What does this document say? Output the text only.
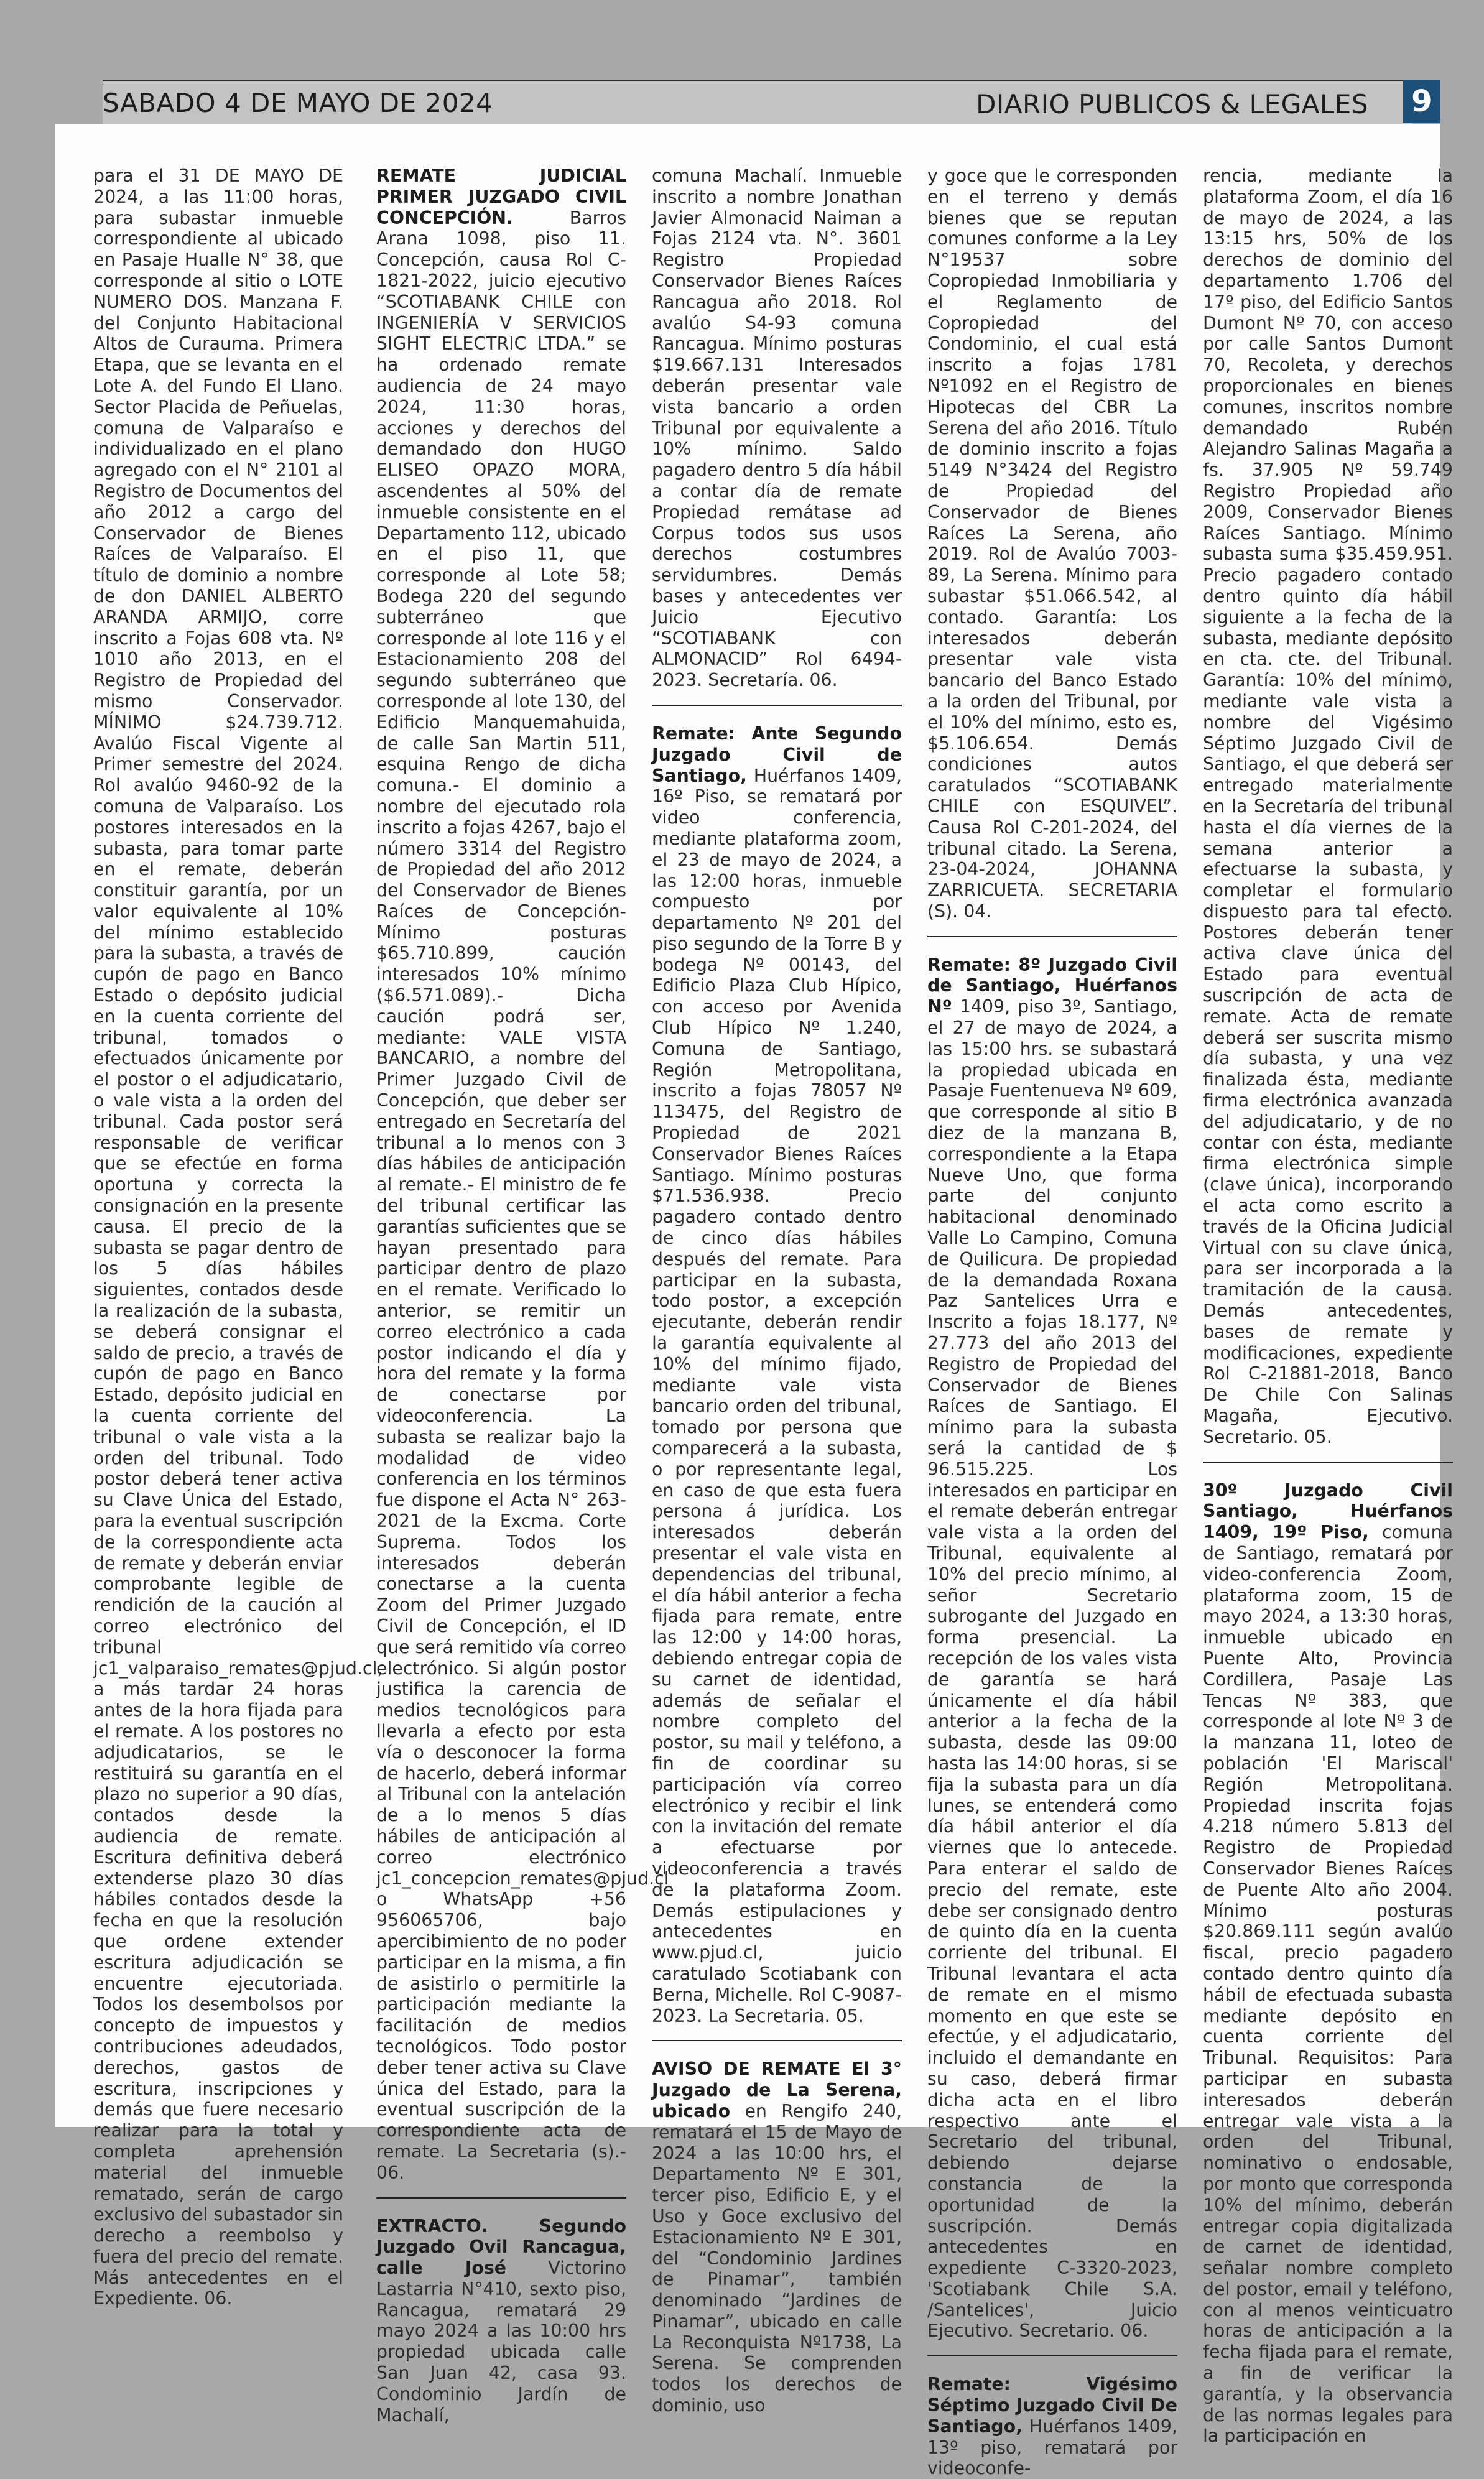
SABADO 4 DE MAYO DE 2024	DIARIO PUBLICOS & LEGALES 9

para el 31 DE MAYO DE 2024, a las 11:00 horas, para subastar inmueble correspondiente al ubicado en Pasaje Hualle N° 38, que corresponde al sitio o LOTE NUMERO DOS. Manzana F. del Conjunto Habitacional Altos de Curauma. Primera Etapa, que se levanta en el Lote A. del Fundo El Llano. Sector Placida de Peñuelas, comuna de Valparaíso e individualizado en el plano agregado con el N° 2101 al Registro de Documentos del año 2012 a cargo del Conservador de Bienes Raíces de Valparaíso. El título de dominio a nombre de don DANIEL ALBERTO ARANDA ARMIJO, corre inscrito a Fojas 608 vta. Nº 1010 año 2013, en el Registro de Propiedad del mismo Conservador. MÍNIMO $24.739.712. Avalúo Fiscal Vigente al Primer semestre del 2024. Rol avalúo 9460-92 de la comuna de Valparaíso. Los postores interesados en la subasta, para tomar parte en el remate, deberán constituir garantía, por un valor equivalente al 10% del mínimo establecido para la subasta, a través de cupón de pago en Banco Estado o depósito judicial en la cuenta corriente del tribunal, tomados o efectuados únicamente por el postor o el adjudicatario, o vale vista a la orden del tribunal. Cada postor será responsable de verificar que se efectúe en forma oportuna y correcta la consignación en la presente causa. El precio de la subasta se pagar dentro de los 5 días hábiles siguientes, contados desde la realización de la subasta, se deberá consignar el saldo de precio, a través de cupón de pago en Banco Estado, depósito judicial en la cuenta corriente del tribunal o vale vista a la orden del tribunal. Todo postor deberá tener activa su Clave Única del Estado, para la eventual suscripción de la correspondiente acta de remate y deberán enviar comprobante legible de rendición de la caución al correo electrónico del tribunal jc1_valparaiso_remates@pjud.cl, a más tardar 24 horas antes de la hora fijada para el remate. A los postores no adjudicatarios, se le restituirá su garantía en el plazo no superior a 90 días, contados desde la audiencia de remate. Escritura definitiva deberá extenderse plazo 30 días hábiles contados desde la fecha en que la resolución que ordene extender escritura adjudicación se encuentre ejecutoriada. Todos los desembolsos por concepto de impuestos y contribuciones adeudados, derechos, gastos de escritura, inscripciones y demás que fuere necesario realizar para la total y completa aprehensión material del inmueble rematado, serán de cargo exclusivo del subastador sin derecho a reembolso y fuera del precio del remate. Más antecedentes en el Expediente. 06.

REMATE JUDICIAL PRIMER JUZGADO CIVIL CONCEPCIÓN. Barros Arana 1098, piso 11. Concepción, causa Rol C-1821-2022, juicio ejecutivo “SCOTIABANK CHILE con INGENIERÍA V SERVICIOS SIGHT ELECTRIC LTDA.” se ha ordenado remate audiencia de 24 mayo 2024, 11:30 horas, acciones y derechos del demandado don HUGO ELISEO OPAZO MORA, ascendentes al 50% del inmueble consistente en el Departamento 112, ubicado en el piso 11, que corresponde al Lote 58; Bodega 220 del segundo subterráneo que corresponde al lote 116 y el Estacionamiento 208 del segundo subterráneo que corresponde al lote 130, del Edificio Manquemahuida, de calle San Martin 511, esquina Rengo de dicha comuna.- El dominio a nombre del ejecutado rola inscrito a fojas 4267, bajo el número 3314 del Registro de Propiedad del año 2012 del Conservador de Bienes Raíces de Concepción- Mínimo posturas $65.710.899, caución interesados 10% mínimo ($6.571.089).- Dicha caución podrá ser, mediante: VALE VISTA BANCARIO, a nombre del Primer Juzgado Civil de Concepción, que deber ser entregado en Secretaría del tribunal a lo menos con 3 días hábiles de anticipación al remate.- El ministro de fe del tribunal certificar las garantías suficientes que se hayan presentado para participar dentro de plazo en el remate. Verificado lo anterior, se remitir un correo electrónico a cada postor indicando el día y hora del remate y la forma de conectarse por videoconferencia. La subasta se realizar bajo la modalidad de video conferencia en los términos fue dispone el Acta N° 263-2021 de la Excma. Corte Suprema. Todos los interesados deberán conectarse a la cuenta Zoom del Primer Juzgado Civil de Concepción, el ID que será remitido vía correo electrónico. Si algún postor justifica la carencia de medios tecnológicos para llevarla a efecto por esta vía o desconocer la forma de hacerlo, deberá informar al Tribunal con la antelación de a lo menos 5 días hábiles de anticipación al correo electrónico jc1_concepcion_remates@pjud.cl o WhatsApp +56 956065706, bajo apercibimiento de no poder participar en la misma, a fin de asistirlo o permitirle la participación mediante la facilitación de medios tecnológicos. Todo postor deber tener activa su Clave única del Estado, para la eventual suscripción de la correspondiente acta de remate. La Secretaria (s).- 06.

EXTRACTO. Segundo Juzgado Ovil Rancagua, calle José Victorino Lastarria N°410, sexto piso, Rancagua, rematará 29 mayo 2024 a las 10:00 hrs propiedad ubicada calle San Juan 42, casa 93. Condominio Jardín de Machalí,

comuna Machalí. Inmueble inscrito a nombre Jonathan Javier Almonacid Naiman a Fojas 2124 vta. N°. 3601 Registro Propiedad Conservador Bienes Raíces Rancagua año 2018. Rol avalúo S4-93 comuna Rancagua. Mínimo posturas $19.667.131 Interesados deberán presentar vale vista bancario a orden Tribunal por equivalente a 10% mínimo. Saldo pagadero dentro 5 día hábil a contar día de remate Propiedad remátase ad Corpus todos sus usos derechos costumbres servidumbres. Demás bases y antecedentes ver Juicio Ejecutivo “SCOTIABANK con ALMONACID” Rol 6494-2023. Secretaría. 06.

Remate: Ante Segundo Juzgado Civil de Santiago, Huérfanos 1409, 16º Piso, se rematará por video conferencia, mediante plataforma zoom, el 23 de mayo de 2024, a las 12:00 horas, inmueble compuesto por departamento Nº 201 del piso segundo de la Torre B y bodega Nº 00143, del Edificio Plaza Club Hípico, con acceso por Avenida Club Hípico Nº 1.240, Comuna de Santiago, Región Metropolitana, inscrito a fojas 78057 Nº 113475, del Registro de Propiedad de 2021 Conservador Bienes Raíces Santiago. Mínimo posturas $71.536.938. Precio pagadero contado dentro de cinco días hábiles después del remate. Para participar en la subasta, todo postor, a excepción ejecutante, deberán rendir la garantía equivalente al 10% del mínimo fijado, mediante vale vista bancario orden del tribunal, tomado por persona que comparecerá a la subasta, o por representante legal, en caso de que esta fuera persona á jurídica. Los interesados deberán presentar el vale vista en dependencias del tribunal, el día hábil anterior a fecha fijada para remate, entre las 12:00 y 14:00 horas, debiendo entregar copia de su carnet de identidad, además de señalar el nombre completo del postor, su mail y teléfono, a fin de coordinar su participación vía correo electrónico y recibir el link con la invitación del remate a efectuarse por videoconferencia a través de la plataforma Zoom. Demás estipulaciones y antecedentes en www.pjud.cl, juicio caratulado Scotiabank con Berna, Michelle. Rol C-9087-2023. La Secretaria. 05.

AVISO DE REMATE El 3° Juzgado de La Serena, ubicado en Rengifo 240, rematará el 15 de Mayo de 2024 a las 10:00 hrs, el Departamento Nº E 301, tercer piso, Edificio E, y el Uso y Goce exclusivo del Estacionamiento Nº E 301, del “Condominio Jardines de Pinamar”, también denominado “Jardines de Pinamar”, ubicado en calle La Reconquista Nº1738, La Serena. Se comprenden todos los derechos de dominio, uso

y goce que le corresponden en el terreno y demás bienes que se reputan comunes conforme a la Ley N°19537 sobre Copropiedad Inmobiliaria y el Reglamento de Copropiedad del Condominio, el cual está inscrito a fojas 1781 Nº1092 en el Registro de Hipotecas del CBR La Serena del año 2016. Título de dominio inscrito a fojas 5149 N°3424 del Registro de Propiedad del Conservador de Bienes Raíces La Serena, año 2019. Rol de Avalúo 7003-89, La Serena. Mínimo para subastar $51.066.542, al contado. Garantía: Los interesados deberán presentar vale vista bancario del Banco Estado a la orden del Tribunal, por el 10% del mínimo, esto es, $5.106.654. Demás condiciones autos caratulados “SCOTIABANK CHILE con ESQUIVEL”. Causa Rol C-201-2024, del tribunal citado. La Serena, 23-04-2024, JOHANNA ZARRICUETA. SECRETARIA (S). 04.

Remate: 8º Juzgado Civil de Santiago, Huérfanos Nº 1409, piso 3º, Santiago, el 27 de mayo de 2024, a las 15:00 hrs. se subastará la propiedad ubicada en Pasaje Fuentenueva Nº 609, que corresponde al sitio B diez de la manzana B, correspondiente a la Etapa Nueve Uno, que forma parte del conjunto habitacional denominado Valle Lo Campino, Comuna de Quilicura. De propiedad de la demandada Roxana Paz Santelices Urra e Inscrito a fojas 18.177, Nº 27.773 del año 2013 del Registro de Propiedad del Conservador de Bienes Raíces de Santiago. El mínimo para la subasta será la cantidad de $ 96.515.225. Los interesados en participar en el remate deberán entregar vale vista a la orden del Tribunal, equivalente al 10% del precio mínimo, al señor Secretario subrogante del Juzgado en forma presencial. La recepción de los vales vista de garantía se hará únicamente el día hábil anterior a la fecha de la subasta, desde las 09:00 hasta las 14:00 horas, si se fija la subasta para un día lunes, se entenderá como día hábil anterior el día viernes que lo antecede. Para enterar el saldo de precio del remate, este debe ser consignado dentro de quinto día en la cuenta corriente del tribunal. El Tribunal levantara el acta de remate en el mismo momento en que este se efectúe, y el adjudicatario, incluido el demandante en su caso, deberá firmar dicha acta en el libro respectivo ante el Secretario del tribunal, debiendo dejarse constancia de la oportunidad de la suscripción. Demás antecedentes en expediente C-3320-2023, 'Scotiabank Chile S.A. /Santelices', Juicio Ejecutivo. Secretario. 06.

Remate: Vigésimo Séptimo Juzgado Civil De Santiago, Huérfanos 1409, 13º piso, rematará por videoconfe-

rencia, mediante la plataforma Zoom, el día 16 de mayo de 2024, a las 13:15 hrs, 50% de los derechos de dominio del departamento 1.706 del 17º piso, del Edificio Santos Dumont Nº 70, con acceso por calle Santos Dumont 70, Recoleta, y derechos proporcionales en bienes comunes, inscritos nombre demandado Rubén Alejandro Salinas Magaña a fs. 37.905 Nº 59.749 Registro Propiedad año 2009, Conservador Bienes Raíces Santiago. Mínimo subasta suma $35.459.951. Precio pagadero contado dentro quinto día hábil siguiente a la fecha de la subasta, mediante depósito en cta. cte. del Tribunal. Garantía: 10% del mínimo, mediante vale vista a nombre del Vigésimo Séptimo Juzgado Civil de Santiago, el que deberá ser entregado materialmente en la Secretaría del tribunal hasta el día viernes de la semana anterior a efectuarse la subasta, y completar el formulario dispuesto para tal efecto. Postores deberán tener activa clave única del Estado para eventual suscripción de acta de remate. Acta de remate deberá ser suscrita mismo día subasta, y una vez finalizada ésta, mediante firma electrónica avanzada del adjudicatario, y de no contar con ésta, mediante firma electrónica simple (clave única), incorporando el acta como escrito a través de la Oficina Judicial Virtual con su clave única, para ser incorporada a la tramitación de la causa. Demás antecedentes, bases de remate y modificaciones, expediente Rol C-21881-2018, Banco De Chile Con Salinas Magaña, Ejecutivo. Secretario. 05.

30º Juzgado Civil Santiago, Huérfanos 1409, 19º Piso, comuna de Santiago, rematará por video-conferencia Zoom, plataforma zoom, 15 de mayo 2024, a 13:30 horas, inmueble ubicado en Puente Alto, Provincia Cordillera, Pasaje Las Tencas Nº 383, que corresponde al lote Nº 3 de la manzana 11, loteo de población 'El Mariscal' Región Metropolitana. Propiedad inscrita fojas 4.218 número 5.813 del Registro de Propiedad Conservador Bienes Raíces de Puente Alto año 2004. Mínimo posturas $20.869.111 según avalúo fiscal, precio pagadero contado dentro quinto día hábil de efectuada subasta mediante depósito en cuenta corriente del Tribunal. Requisitos: Para participar en subasta interesados deberán entregar vale vista a la orden del Tribunal, nominativo o endosable, por monto que corresponda 10% del mínimo, deberán entregar copia digitalizada de carnet de identidad, señalar nombre completo del postor, email y teléfono, con al menos veinticuatro horas de anticipación a la fecha fijada para el remate, a fin de verificar la garantía, y la observancia de las normas legales para la participación en
